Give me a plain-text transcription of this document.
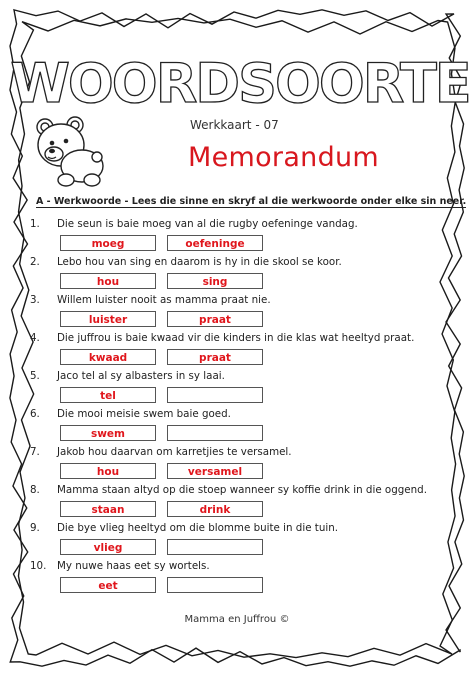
WOORDSOORTE
Werkkaart - 07
Memorandum
A - Werkwoorde - Lees die sinne en skryf al die werkwoorde onder elke sin neer.
1. Die seun is baie moeg van al die rugby oefeninge vandag.
moeg	oefeninge
2. Lebo hou van sing en daarom is hy in die skool se koor.
hou	sing
3. Willem luister nooit as mamma praat nie.
luister	praat
4. Die juffrou is baie kwaad vir die kinders in die klas wat heeltyd praat.
kwaad	praat
5. Jaco tel al sy albasters in sy laai.
tel
6. Die mooi meisie swem baie goed.
swem
7. Jakob hou daarvan om karretjies te versamel.
hou	versamel
8. Mamma staan altyd op die stoep wanneer sy koffie drink in die oggend.
staan	drink
9. Die bye vlieg heeltyd om die blomme buite in die tuin.
vlieg
10. My nuwe haas eet sy wortels.
eet
Mamma en Juffrou ©
